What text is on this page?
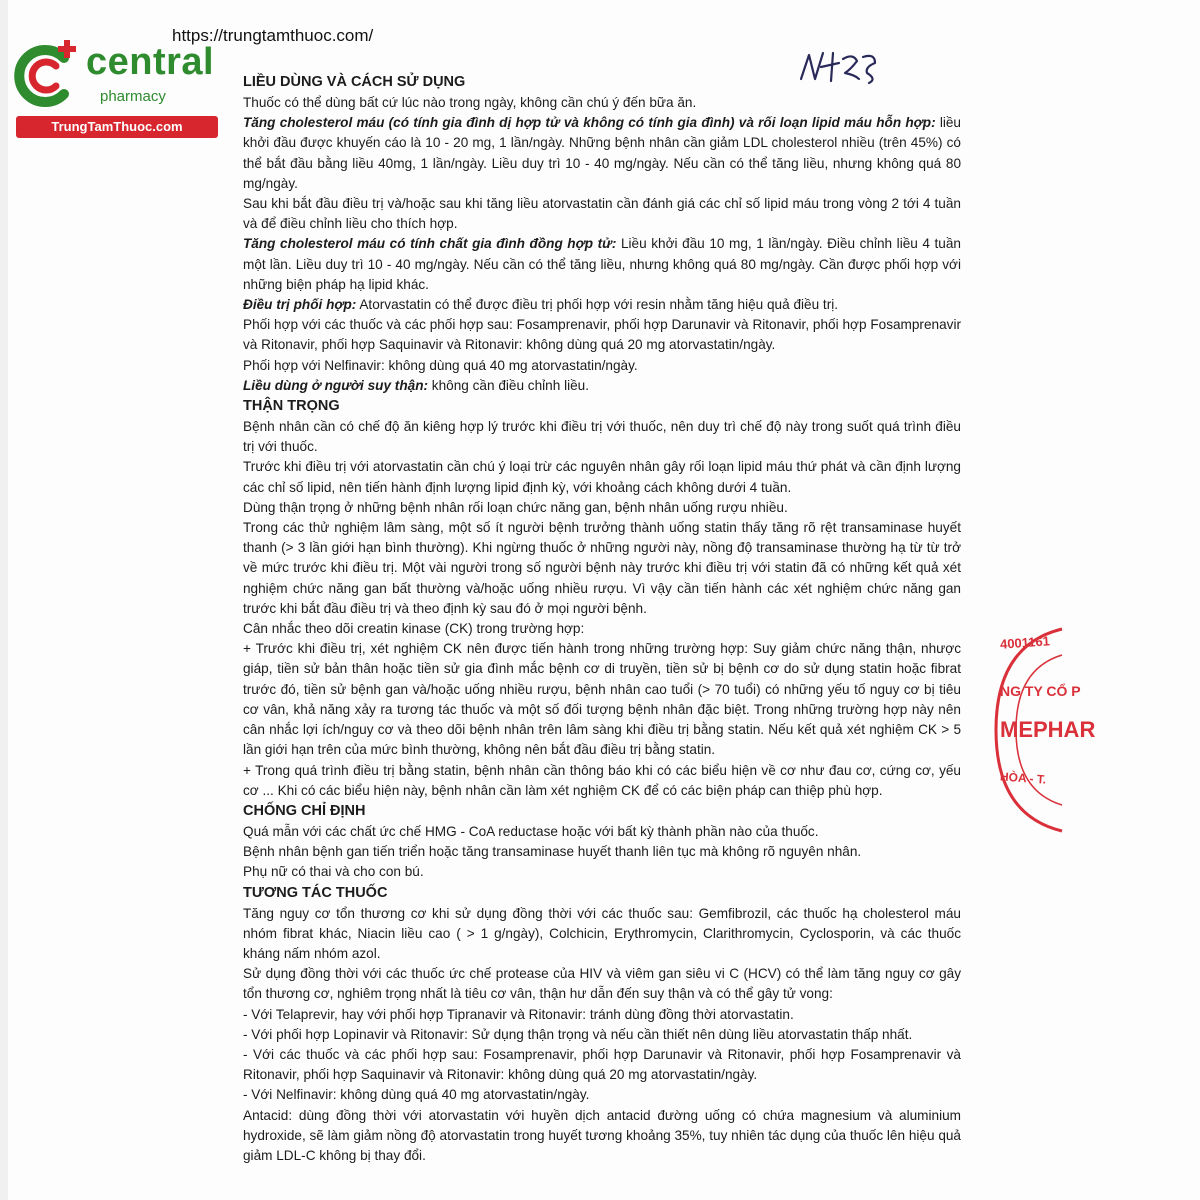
https://trungtamthuoc.com/
central
pharmacy
TrungTamThuoc.com
LIỀU DÙNG VÀ CÁCH SỬ DỤNG

Thuốc có thể dùng bất cứ lúc nào trong ngày, không cần chú ý đến bữa ăn.

Tăng cholesterol máu (có tính gia đình dị hợp tử và không có tính gia đình) và rối loạn lipid máu hỗn hợp: liều khởi đầu được khuyến cáo là 10 - 20 mg, 1 lần/ngày. Những bệnh nhân cần giảm LDL cholesterol nhiều (trên 45%) có thể bắt đầu bằng liều 40mg, 1 lần/ngày. Liều duy trì 10 - 40 mg/ngày. Nếu cần có thể tăng liều, nhưng không quá 80 mg/ngày.

Sau khi bắt đầu điều trị và/hoặc sau khi tăng liều atorvastatin cần đánh giá các chỉ số lipid máu trong vòng 2 tới 4 tuần và để điều chỉnh liều cho thích hợp.

Tăng cholesterol máu có tính chất gia đình đồng hợp tử: Liều khởi đầu 10 mg, 1 lần/ngày. Điều chỉnh liều 4 tuần một lần. Liều duy trì 10 - 40 mg/ngày. Nếu cần có thể tăng liều, nhưng không quá 80 mg/ngày. Cần được phối hợp với những biện pháp hạ lipid khác.

Điều trị phối hợp: Atorvastatin có thể được điều trị phối hợp với resin nhằm tăng hiệu quả điều trị.

Phối hợp với các thuốc và các phối hợp sau: Fosamprenavir, phối hợp Darunavir và Ritonavir, phối hợp Fosamprenavir và Ritonavir, phối hợp Saquinavir và Ritonavir: không dùng quá 20 mg atorvastatin/ngày.

Phối hợp với Nelfinavir: không dùng quá 40 mg atorvastatin/ngày.

Liều dùng ở người suy thận: không cần điều chỉnh liều.

THẬN TRỌNG

Bệnh nhân cần có chế độ ăn kiêng hợp lý trước khi điều trị với thuốc, nên duy trì chế độ này trong suốt quá trình điều trị với thuốc.

Trước khi điều trị với atorvastatin cần chú ý loại trừ các nguyên nhân gây rối loạn lipid máu thứ phát và cần định lượng các chỉ số lipid, nên tiến hành định lượng lipid định kỳ, với khoảng cách không dưới 4 tuần.

Dùng thận trọng ở những bệnh nhân rối loạn chức năng gan, bệnh nhân uống rượu nhiều.

Trong các thử nghiệm lâm sàng, một số ít người bệnh trưởng thành uống statin thấy tăng rõ rệt transaminase huyết thanh (> 3 lần giới hạn bình thường). Khi ngừng thuốc ở những người này, nồng độ transaminase thường hạ từ từ trở về mức trước khi điều trị. Một vài người trong số người bệnh này trước khi điều trị với statin đã có những kết quả xét nghiệm chức năng gan bất thường và/hoặc uống nhiều rượu. Vì vậy cần tiến hành các xét nghiệm chức năng gan trước khi bắt đầu điều trị và theo định kỳ sau đó ở mọi người bệnh.

Cân nhắc theo dõi creatin kinase (CK) trong trường hợp:

+ Trước khi điều trị, xét nghiệm CK nên được tiến hành trong những trường hợp: Suy giảm chức năng thận, nhược giáp, tiền sử bản thân hoặc tiền sử gia đình mắc bệnh cơ di truyền, tiền sử bị bệnh cơ do sử dụng statin hoặc fibrat trước đó, tiền sử bệnh gan và/hoặc uống nhiều rượu, bệnh nhân cao tuổi (> 70 tuổi) có những yếu tố nguy cơ bị tiêu cơ vân, khả năng xảy ra tương tác thuốc và một số đối tượng bệnh nhân đặc biệt. Trong những trường hợp này nên cân nhắc lợi ích/nguy cơ và theo dõi bệnh nhân trên lâm sàng khi điều trị bằng statin. Nếu kết quả xét nghiệm CK > 5 lần giới hạn trên của mức bình thường, không nên bắt đầu điều trị bằng statin.

+ Trong quá trình điều trị bằng statin, bệnh nhân cần thông báo khi có các biểu hiện về cơ như đau cơ, cứng cơ, yếu cơ ... Khi có các biểu hiện này, bệnh nhân cần làm xét nghiệm CK để có các biện pháp can thiệp phù hợp.

CHỐNG CHỈ ĐỊNH

Quá mẫn với các chất ức chế HMG - CoA reductase hoặc với bất kỳ thành phần nào của thuốc.

Bệnh nhân bệnh gan tiến triển hoặc tăng transaminase huyết thanh liên tục mà không rõ nguyên nhân.

Phụ nữ có thai và cho con bú.

TƯƠNG TÁC THUỐC

Tăng nguy cơ tổn thương cơ khi sử dụng đồng thời với các thuốc sau: Gemfibrozil, các thuốc hạ cholesterol máu nhóm fibrat khác, Niacin liều cao ( > 1 g/ngày), Colchicin, Erythromycin, Clarithromycin, Cyclosporin, và các thuốc kháng nấm nhóm azol.

Sử dụng đồng thời với các thuốc ức chế protease của HIV và viêm gan siêu vi C (HCV) có thể làm tăng nguy cơ gây tổn thương cơ, nghiêm trọng nhất là tiêu cơ vân, thận hư dẫn đến suy thận và có thể gây tử vong:

- Với Telaprevir, hay với phối hợp Tipranavir và Ritonavir: tránh dùng đồng thời atorvastatin.

- Với phối hợp Lopinavir và Ritonavir: Sử dụng thận trọng và nếu cần thiết nên dùng liều atorvastatin thấp nhất.

- Với các thuốc và các phối hợp sau: Fosamprenavir, phối hợp Darunavir và Ritonavir, phối hợp Fosamprenavir và Ritonavir, phối hợp Saquinavir và Ritonavir: không dùng quá 20 mg atorvastatin/ngày.

- Với Nelfinavir: không dùng quá 40 mg atorvastatin/ngày.

Antacid: dùng đồng thời với atorvastatin với huyền dịch antacid đường uống có chứa magnesium và aluminium hydroxide, sẽ làm giảm nồng độ atorvastatin trong huyết tương khoảng 35%, tuy nhiên tác dụng của thuốc lên hiệu quả giảm LDL-C không bị thay đổi.

4001161
NG TY CỔ P
MEPHAR
HÒA - T.
